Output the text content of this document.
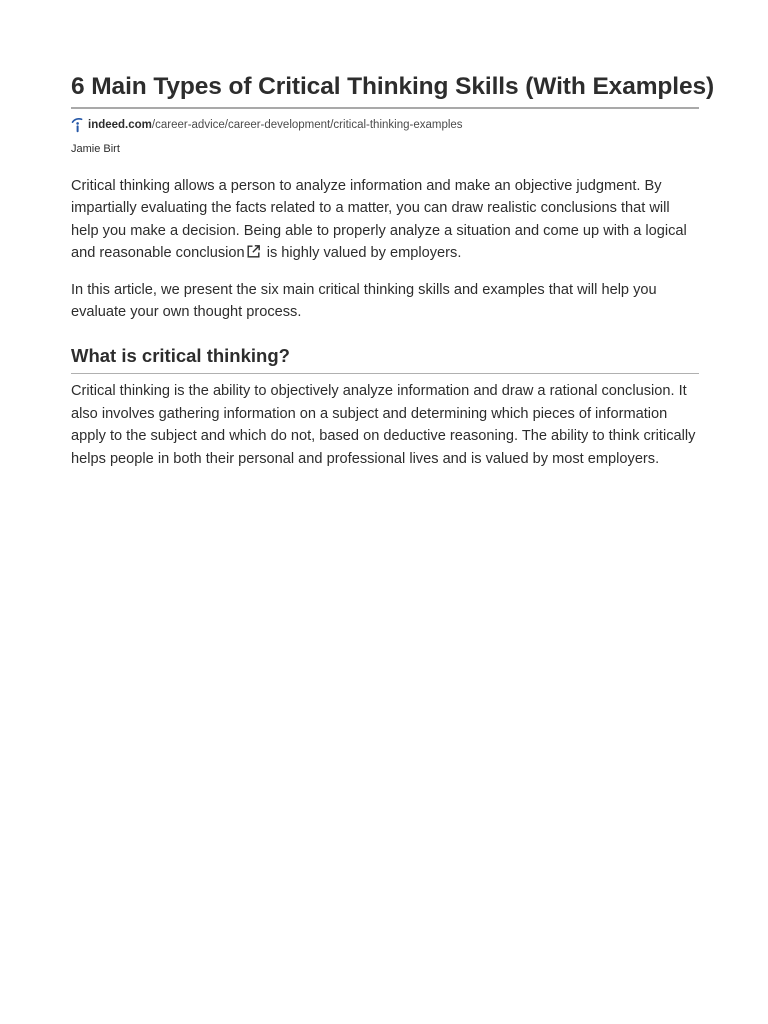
6 Main Types of Critical Thinking Skills (With Examples)
indeed.com/career-advice/career-development/critical-thinking-examples
Jamie Birt

Critical thinking allows a person to analyze information and make an objective judgment. By impartially evaluating the facts related to a matter, you can draw realistic conclusions that will help you make a decision. Being able to properly analyze a situation and come up with a logical and reasonable conclusion is highly valued by employers.

In this article, we present the six main critical thinking skills and examples that will help you evaluate your own thought process.

What is critical thinking?

Critical thinking is the ability to objectively analyze information and draw a rational conclusion. It also involves gathering information on a subject and determining which pieces of information apply to the subject and which do not, based on deductive reasoning. The ability to think critically helps people in both their personal and professional lives and is valued by most employers.
